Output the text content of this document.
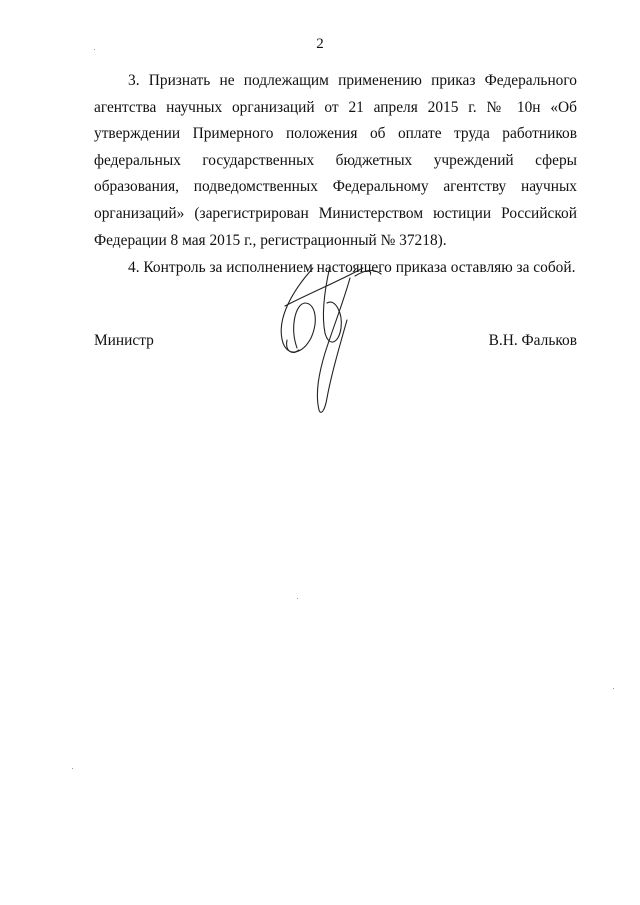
2

3. Признать не подлежащим применению приказ Федерального агентства научных организаций от 21 апреля 2015 г. № 10н «Об утверждении Примерного положения об оплате труда работников федеральных государственных бюджетных учреждений сферы образования, подведомственных Федеральному агентству научных организаций» (зарегистрирован Министерством юстиции Российской Федерации 8 мая 2015 г., регистрационный № 37218).

4. Контроль за исполнением настоящего приказа оставляю за собой.

Министр	В.Н. Фальков
